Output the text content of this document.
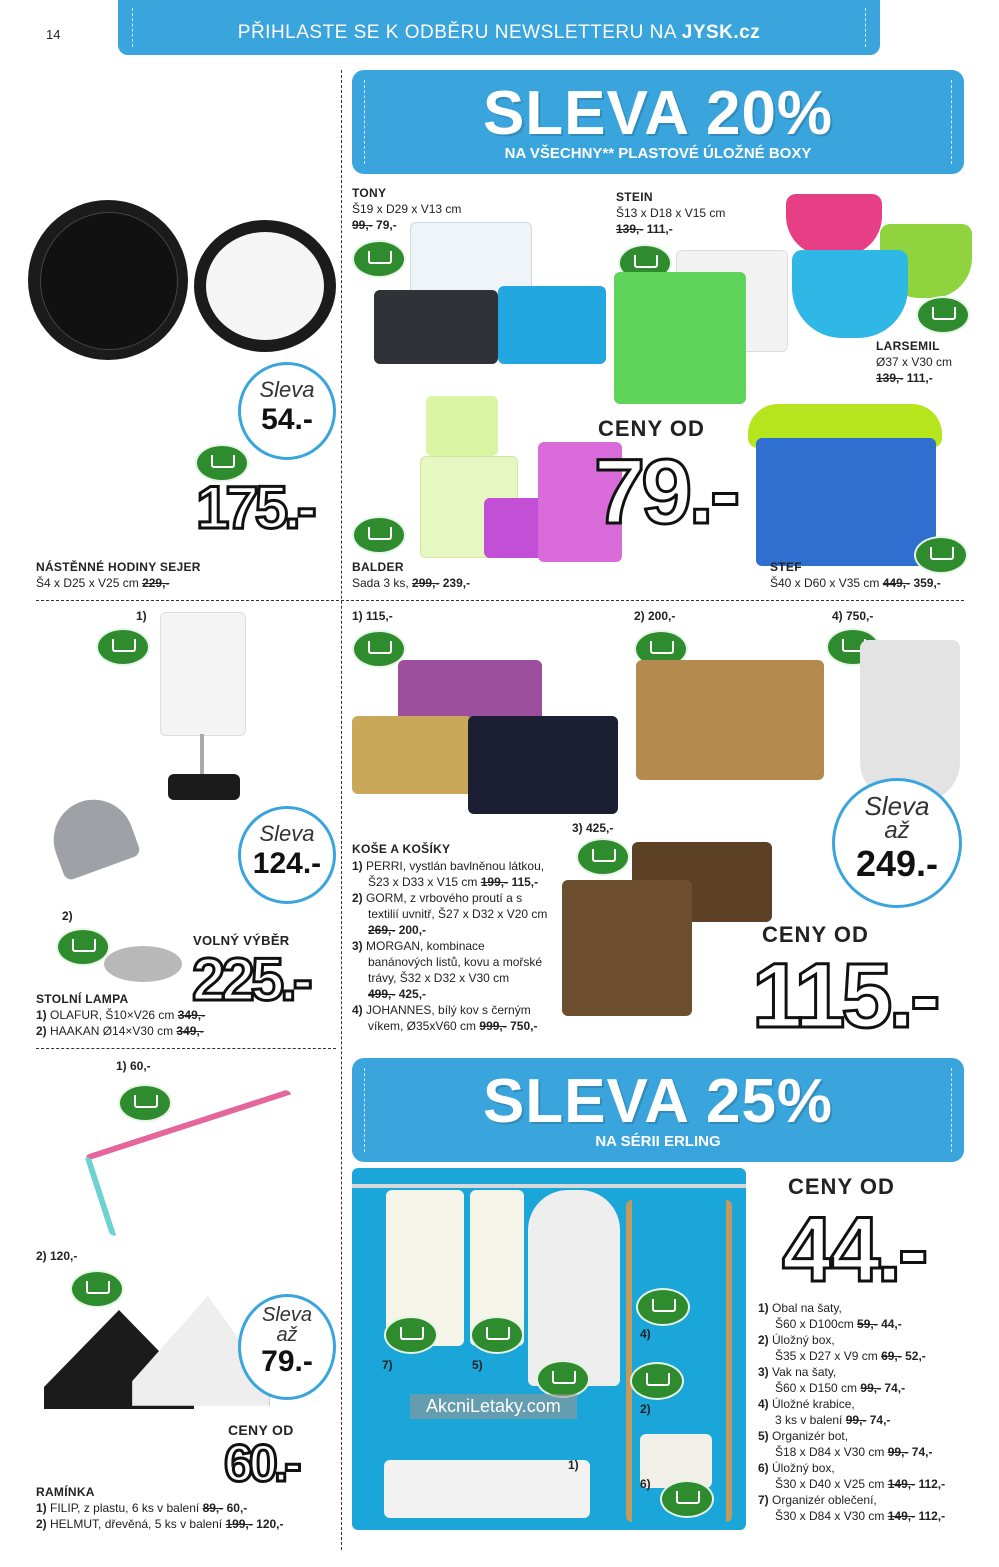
14	PŘIHLASTE SE K ODBĚRU NEWSLETTERU NA JYSK.cz
SLEVA 20%
NA VŠECHNY** PLASTOVÉ ÚLOŽNÉ BOXY
Sleva
54.-
175.-
NÁSTĚNNÉ HODINY SEJER
Š4 x D25 x V25 cm 229,-
TONY
Š19 x D29 x V13 cm
99,- 79,-
STEIN
Š13 x D18 x V15 cm
139,- 111,-
LARSEMIL
Ø37 x V30 cm
139,- 111,-
CENY OD
79.-
BALDER
Sada 3 ks, 299,- 239,-
STEF
Š40 x D60 x V35 cm 449,- 359,-
1)
Sleva
124.-
2)
VOLNÝ VÝBĚR
225.-
STOLNÍ LAMPA
1) OLAFUR, Š10×V26 cm 349,-
2) HAAKAN Ø14×V30 cm 349,-
1) 115,-	2) 200,-	4) 750,-
Sleva
až
249.-
3) 425,-
CENY OD
115.-
KOŠE A KOŠÍKY
1) PERRI, vystlán bavlněnou látkou,
Š23 x D33 x V15 cm 199,- 115,-
2) GORM, z vrbového proutí a s
textilií uvnitř, Š27 x D32 x V20 cm
269,- 200,-
3) MORGAN, kombinace
banánových listů, kovu a mořské
trávy, Š32 x D32 x V30 cm
499,- 425,-
4) JOHANNES, bílý kov s černým
víkem, Ø35xV60 cm 999,- 750,-
1) 60,-
2) 120,-
Sleva
až
79.-
CENY OD
60.-
RAMÍNKA
1) FILIP, z plastu, 6 ks v balení 89,- 60,-
2) HELMUT, dřevěná, 5 ks v balení 199,- 120,-
SLEVA 25%
NA SÉRII ERLING
7)	5)
4)
2)
1)
6)
AkcniLetaky.com
CENY OD
44.-
1) Obal na šaty,
Š60 x D100cm 59,- 44,-
2) Úložný box,
Š35 x D27 x V9 cm 69,- 52,-
3) Vak na šaty,
Š60 x D150 cm 99,- 74,-
4) Úložné krabice,
3 ks v balení 99,- 74,-
5) Organizér bot,
Š18 x D84 x V30 cm 99,- 74,-
6) Úložný box,
Š30 x D40 x V25 cm 149,- 112,-
7) Organizér oblečení,
Š30 x D84 x V30 cm 149,- 112,-
